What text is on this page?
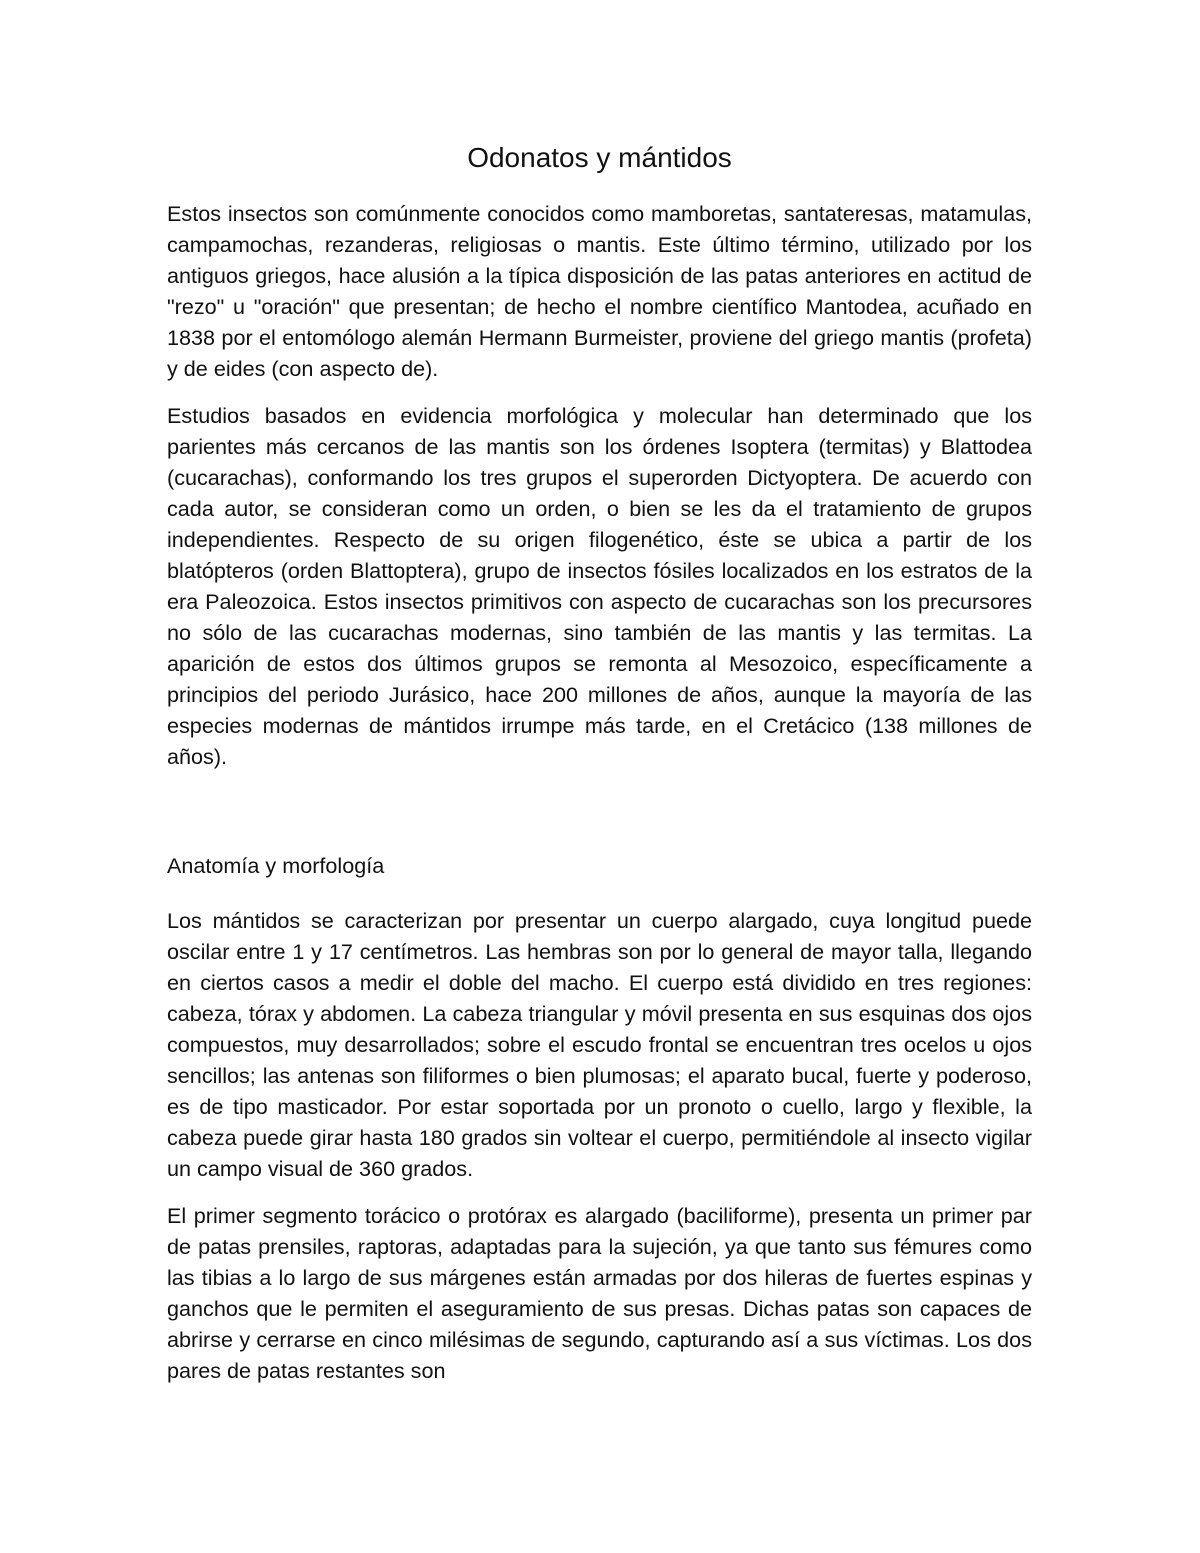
Odonatos y mántidos

Estos insectos son comúnmente conocidos como mamboretas, santateresas, matamulas, campamochas, rezanderas, religiosas o mantis. Este último término, utilizado por los antiguos griegos, hace alusión a la típica disposición de las patas anteriores en actitud de "rezo" u "oración" que presentan; de hecho el nombre científico Mantodea, acuñado en 1838 por el entomólogo alemán Hermann Burmeister, proviene del griego mantis (profeta) y de eides (con aspecto de).

Estudios basados en evidencia morfológica y molecular han determinado que los parientes más cercanos de las mantis son los órdenes Isoptera (termitas) y Blattodea (cucarachas), conformando los tres grupos el superorden Dictyoptera. De acuerdo con cada autor, se consideran como un orden, o bien se les da el tratamiento de grupos independientes. Respecto de su origen filogenético, éste se ubica a partir de los blatópteros (orden Blattoptera), grupo de insectos fósiles localizados en los estratos de la era Paleozoica. Estos insectos primitivos con aspecto de cucarachas son los precursores no sólo de las cucarachas modernas, sino también de las mantis y las termitas. La aparición de estos dos últimos grupos se remonta al Mesozoico, específicamente a principios del periodo Jurásico, hace 200 millones de años, aunque la mayoría de las especies modernas de mántidos irrumpe más tarde, en el Cretácico (138 millones de años).

Anatomía y morfología

Los mántidos se caracterizan por presentar un cuerpo alargado, cuya longitud puede oscilar entre 1 y 17 centímetros. Las hembras son por lo general de mayor talla, llegando en ciertos casos a medir el doble del macho. El cuerpo está dividido en tres regiones: cabeza, tórax y abdomen. La cabeza triangular y móvil presenta en sus esquinas dos ojos compuestos, muy desarrollados; sobre el escudo frontal se encuentran tres ocelos u ojos sencillos; las antenas son filiformes o bien plumosas; el aparato bucal, fuerte y poderoso, es de tipo masticador. Por estar soportada por un pronoto o cuello, largo y flexible, la cabeza puede girar hasta 180 grados sin voltear el cuerpo, permitiéndole al insecto vigilar un campo visual de 360 grados.

El primer segmento torácico o protórax es alargado (baciliforme), presenta un primer par de patas prensiles, raptoras, adaptadas para la sujeción, ya que tanto sus fémures como las tibias a lo largo de sus márgenes están armadas por dos hileras de fuertes espinas y ganchos que le permiten el aseguramiento de sus presas. Dichas patas son capaces de abrirse y cerrarse en cinco milésimas de segundo, capturando así a sus víctimas. Los dos pares de patas restantes son
